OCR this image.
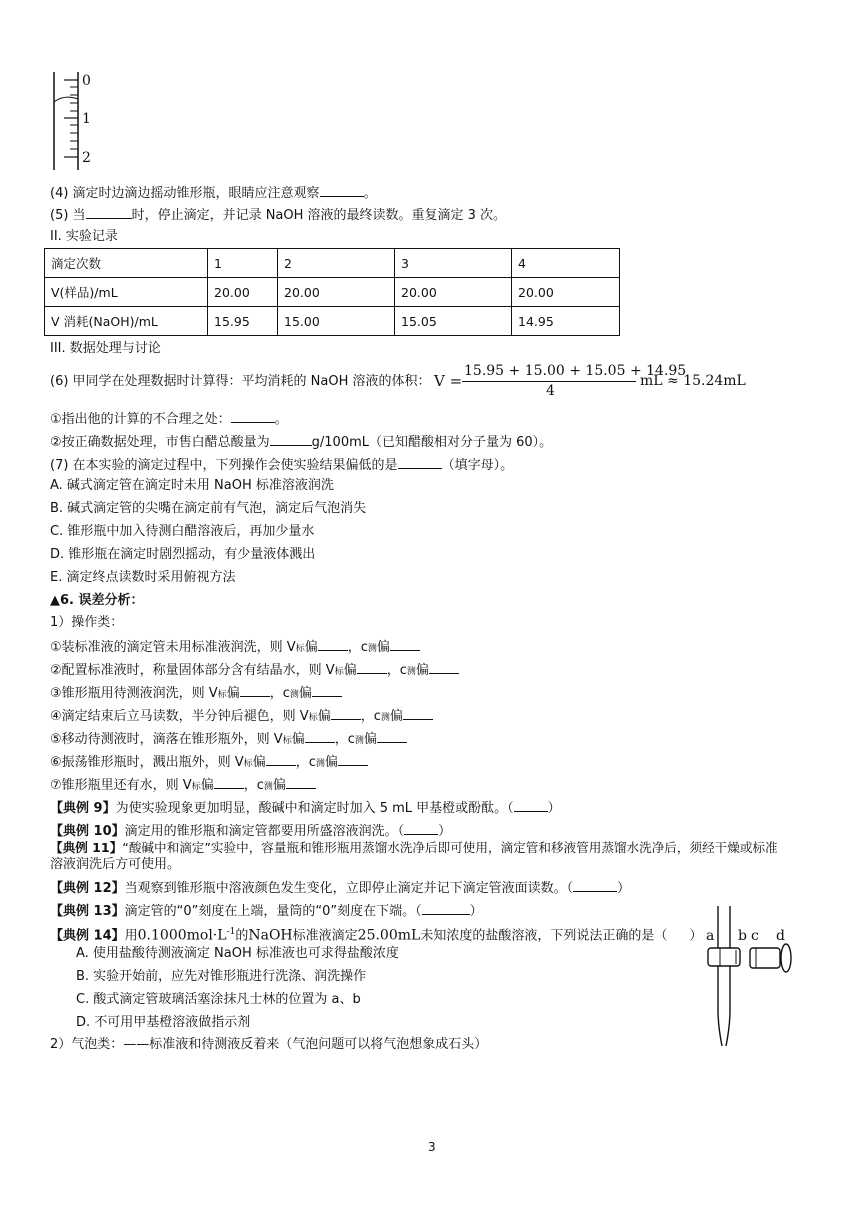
0
1
2
(4) 滴定时边滴边摇动锥形瓶，眼睛应注意观察	。
(5) 当	时，停止滴定，并记录 NaOH 溶液的最终读数。重复滴定 3 次。
II. 实验记录
滴定次数	1	2	3	4
V(样品)/mL	20.00	20.00	20.00	20.00
V 消耗(NaOH)/mL	15.95	15.00	15.05	14.95
III. 数据处理与讨论
(6) 甲同学在处理数据时计算得：平均消耗的 NaOH 溶液的体积： V =
15.95 + 15.00 + 15.05 + 14.95
4
mL ≈ 15.24mL
①指出他的计算的不合理之处：	。
②按正确数据处理，市售白醋总酸量为	g/100mL（已知醋酸相对分子量为 60）。
(7) 在本实验的滴定过程中，下列操作会使实验结果偏低的是	（填字母）。
A. 碱式滴定管在滴定时未用 NaOH 标准溶液润洗
B. 碱式滴定管的尖嘴在滴定前有气泡，滴定后气泡消失
C. 锥形瓶中加入待测白醋溶液后，再加少量水
D. 锥形瓶在滴定时剧烈摇动，有少量液体溅出
E. 滴定终点读数时采用俯视方法
▲6. 误差分析：
1）操作类：
①装标准液的滴定管未用标准液润洗，则 V标偏 ，c测偏
②配置标准液时，称量固体部分含有结晶水，则 V标偏 ，c测偏
③锥形瓶用待测液润洗，则 V标偏 ，c测偏
④滴定结束后立马读数，半分钟后褪色，则 V标偏 ，c测偏
⑤移动待测液时，滴落在锥形瓶外，则 V标偏 ，c测偏
⑥振荡锥形瓶时，溅出瓶外，则 V标偏 ，c测偏
⑦锥形瓶里还有水，则 V标偏 ，c测偏
【典例 9】为使实验现象更加明显，酸碱中和滴定时加入 5 mL 甲基橙或酚酞。（	）
【典例 10】滴定用的锥形瓶和滴定管都要用所盛溶液润洗。（	）
【典例 11】“酸碱中和滴定”实验中，容量瓶和锥形瓶用蒸馏水洗净后即可使用，滴定管和移液管用蒸馏水洗净后，须经干燥或标准
溶液润洗后方可使用。
【典例 12】当观察到锥形瓶中溶液颜色发生变化，立即停止滴定并记下滴定管液面读数。（	）
【典例 13】滴定管的“0”刻度在上端，量筒的“0”刻度在下端。（	）
【典例 14】用$0.1000mol\cdot L^{-1}$的NaOH标准液滴定25.00mL未知浓度的盐酸溶液，下列说法正确的是（ ）
A. 使用盐酸待测液滴定 NaOH 标准液也可求得盐酸浓度
B. 实验开始前，应先对锥形瓶进行洗涤、润洗操作
C. 酸式滴定管玻璃活塞涂抹凡士林的位置为 a、b
D. 不可用甲基橙溶液做指示剂
a b c d
2）气泡类：——标准液和待测液反着来（气泡问题可以将气泡想象成石头）
3
